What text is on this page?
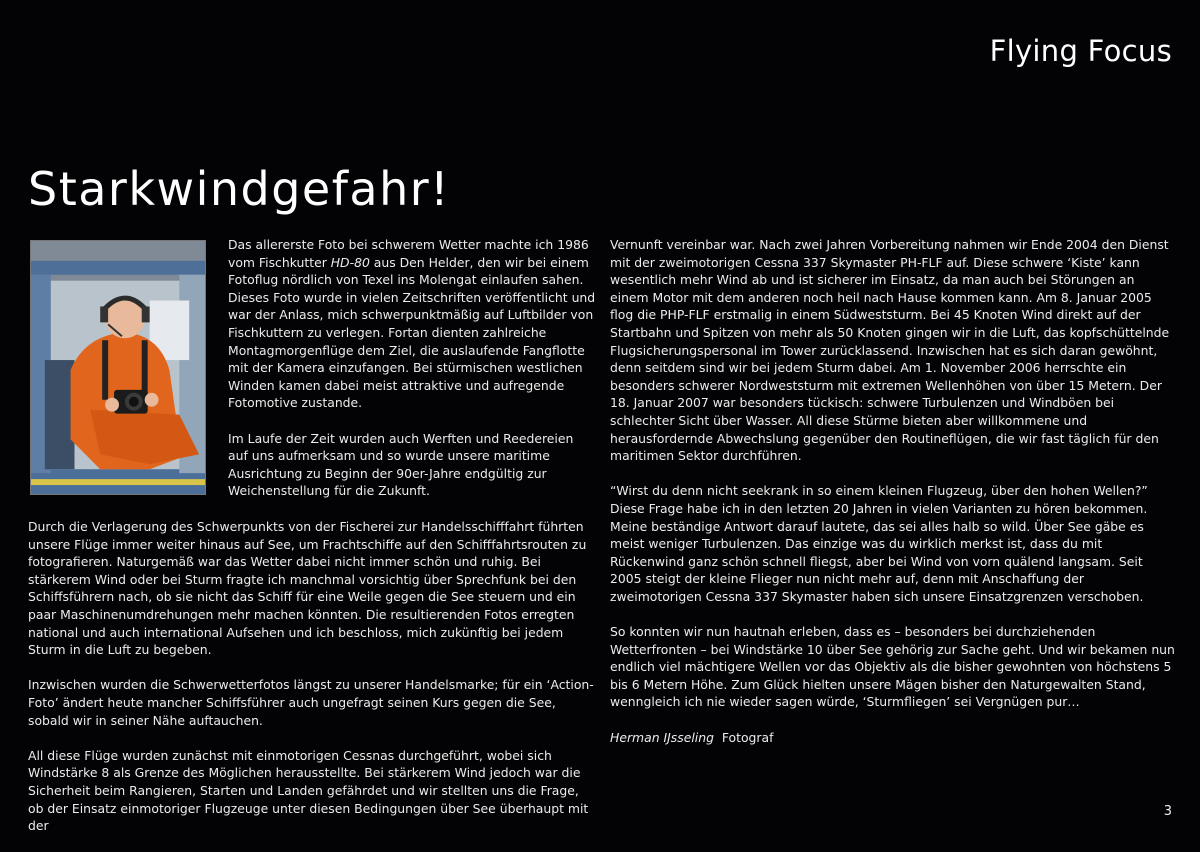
Flying Focus
Starkwindgefahr!

Das allererste Foto bei schwerem Wetter machte ich 1986 vom Fischkutter HD-80 aus Den Helder, den wir bei einem Fotoflug nördlich von Texel ins Molengat einlaufen sahen. Dieses Foto wurde in vielen Zeitschriften veröffentlicht und war der Anlass, mich schwerpunktmäßig auf Luftbilder von Fischkuttern zu verlegen. Fortan dienten zahlreiche Montagmorgenflüge dem Ziel, die auslaufende Fangflotte mit der Kamera einzufangen. Bei stürmischen westlichen Winden kamen dabei meist attraktive und aufregende Fotomotive zustande.

Im Laufe der Zeit wurden auch Werften und Reedereien auf uns aufmerksam und so wurde unsere maritime Ausrichtung zu Beginn der 90er-Jahre endgültig zur Weichenstellung für die Zukunft.

Durch die Verlagerung des Schwerpunkts von der Fischerei zur Handelsschifffahrt führten unsere Flüge immer weiter hinaus auf See, um Frachtschiffe auf den Schifffahrtsrouten zu fotografieren. Naturgemäß war das Wetter dabei nicht immer schön und ruhig. Bei stärkerem Wind oder bei Sturm fragte ich manchmal vorsichtig über Sprechfunk bei den Schiffsführern nach, ob sie nicht das Schiff für eine Weile gegen die See steuern und ein paar Maschinenumdrehungen mehr machen könnten. Die resultierenden Fotos erregten national und auch international Aufsehen und ich beschloss, mich zukünftig bei jedem Sturm in die Luft zu begeben.

Inzwischen wurden die Schwerwetterfotos längst zu unserer Handelsmarke; für ein ‘Action-Foto’ ändert heute mancher Schiffsführer auch ungefragt seinen Kurs gegen die See, sobald wir in seiner Nähe auftauchen.

All diese Flüge wurden zunächst mit einmotorigen Cessnas durchgeführt, wobei sich Windstärke 8 als Grenze des Möglichen herausstellte. Bei stärkerem Wind jedoch war die Sicherheit beim Rangieren, Starten und Landen gefährdet und wir stellten uns die Frage, ob der Einsatz einmotoriger Flugzeuge unter diesen Bedingungen über See überhaupt mit der

Vernunft vereinbar war. Nach zwei Jahren Vorbereitung nahmen wir Ende 2004 den Dienst mit der zweimotorigen Cessna 337 Skymaster PH-FLF auf. Diese schwere ‘Kiste’ kann wesentlich mehr Wind ab und ist sicherer im Einsatz, da man auch bei Störungen an einem Motor mit dem anderen noch heil nach Hause kommen kann. Am 8. Januar 2005 flog die PHP-FLF erstmalig in einem Südweststurm. Bei 45 Knoten Wind direkt auf der Startbahn und Spitzen von mehr als 50 Knoten gingen wir in die Luft, das kopfschüttelnde Flugsicherungspersonal im Tower zurücklassend. Inzwischen hat es sich daran gewöhnt, denn seitdem sind wir bei jedem Sturm dabei. Am 1. November 2006 herrschte ein besonders schwerer Nordweststurm mit extremen Wellenhöhen von über 15 Metern. Der 18. Januar 2007 war besonders tückisch: schwere Turbulenzen und Windböen bei schlechter Sicht über Wasser. All diese Stürme bieten aber willkommene und herausfordernde Abwechslung gegenüber den Routineflügen, die wir fast täglich für den maritimen Sektor durchführen.

“Wirst du denn nicht seekrank in so einem kleinen Flugzeug, über den hohen Wellen?” Diese Frage habe ich in den letzten 20 Jahren in vielen Varianten zu hören bekommen. Meine beständige Antwort darauf lautete, das sei alles halb so wild. Über See gäbe es meist weniger Turbulenzen. Das einzige was du wirklich merkst ist, dass du mit Rückenwind ganz schön schnell fliegst, aber bei Wind von vorn quälend langsam. Seit 2005 steigt der kleine Flieger nun nicht mehr auf, denn mit Anschaffung der zweimotorigen Cessna 337 Skymaster haben sich unsere Einsatzgrenzen verschoben.

So konnten wir nun hautnah erleben, dass es – besonders bei durchziehenden Wetterfronten – bei Windstärke 10 über See gehörig zur Sache geht. Und wir bekamen nun endlich viel mächtigere Wellen vor das Objektiv als die bisher gewohnten von höchstens 5 bis 6 Metern Höhe. Zum Glück hielten unsere Mägen bisher den Naturgewalten Stand, wenngleich ich nie wieder sagen würde, ‘Sturmfliegen’ sei Vergnügen pur…

Herman IJsseling Fotograf

3
